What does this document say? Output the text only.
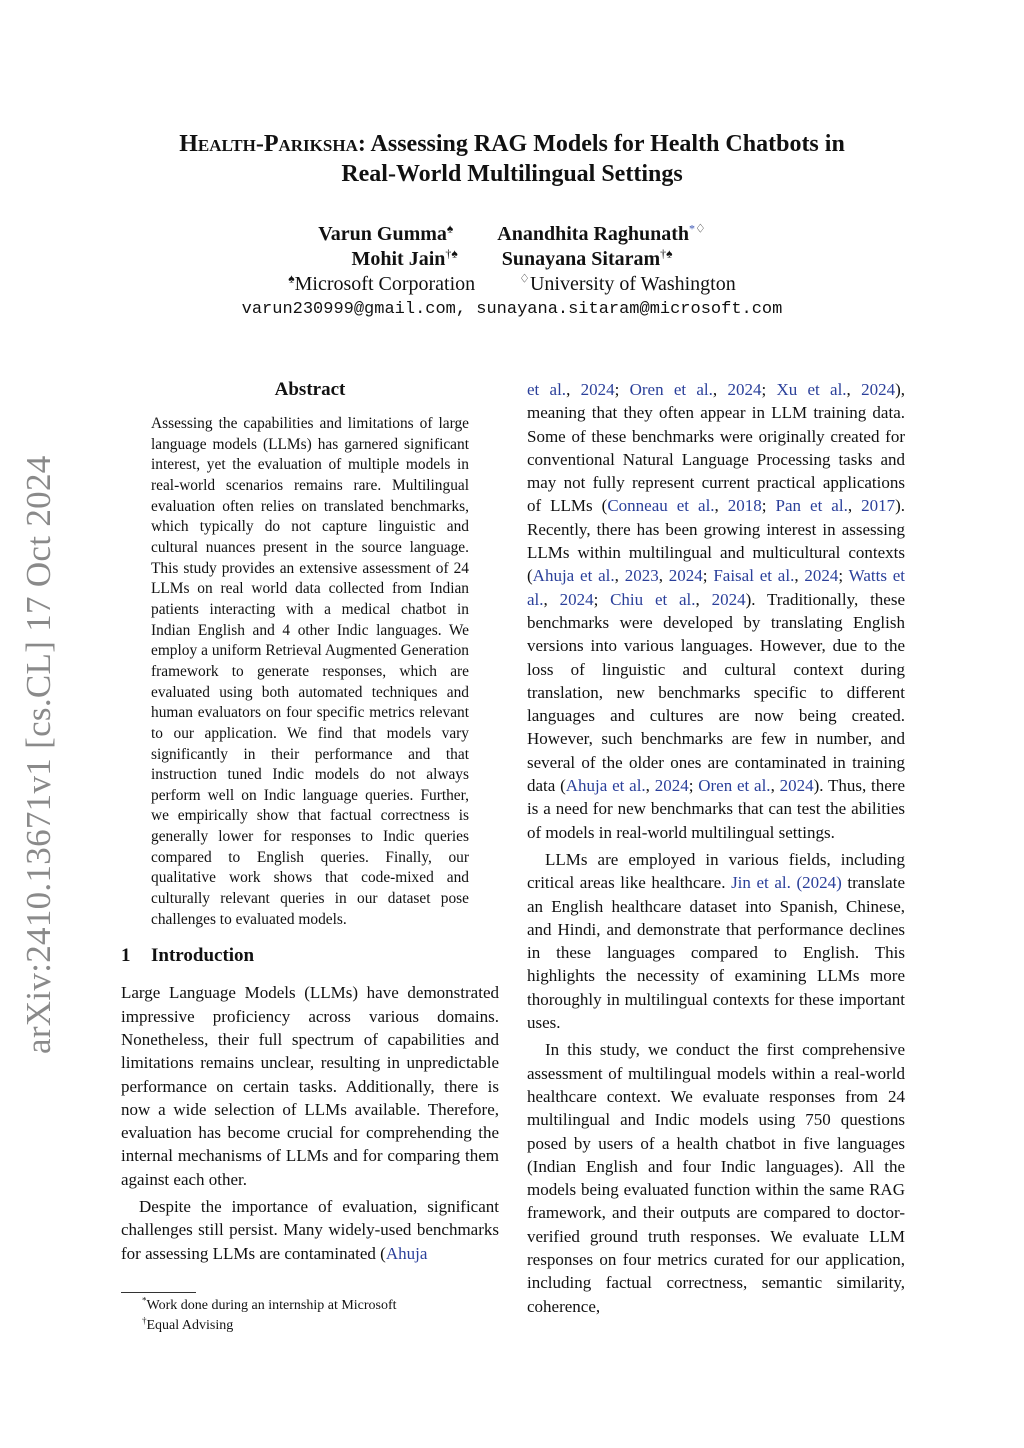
arXiv:2410.13671v1 [cs.CL] 17 Oct 2024
HEALTH-PARIKSHA: Assessing RAG Models for Health Chatbots in
Real-World Multilingual Settings
Varun Gumma♠ Anandhita Raghunath*♢
Mohit Jain†♠ Sunayana Sitaram†♠
♠Microsoft Corporation	♢University of Washington
varun230999@gmail.com, sunayana.sitaram@microsoft.com
Abstract

Assessing the capabilities and limitations of large language models (LLMs) has garnered significant interest, yet the evaluation of multiple models in real-world scenarios remains rare. Multilingual evaluation often relies on translated benchmarks, which typically do not capture linguistic and cultural nuances present in the source language. This study provides an extensive assessment of 24 LLMs on real world data collected from Indian patients interacting with a medical chatbot in Indian English and 4 other Indic languages. We employ a uniform Retrieval Augmented Generation framework to generate responses, which are evaluated using both automated techniques and human evaluators on four specific metrics relevant to our application. We find that models vary significantly in their performance and that instruction tuned Indic models do not always perform well on Indic language queries. Further, we empirically show that factual correctness is generally lower for responses to Indic queries compared to English queries. Finally, our qualitative work shows that code-mixed and culturally relevant queries in our dataset pose challenges to evaluated models.

1 Introduction

Large Language Models (LLMs) have demonstrated impressive proficiency across various domains. Nonetheless, their full spectrum of capabilities and limitations remains unclear, resulting in unpredictable performance on certain tasks. Additionally, there is now a wide selection of LLMs available. Therefore, evaluation has become crucial for comprehending the internal mechanisms of LLMs and for comparing them against each other.

Despite the importance of evaluation, significant challenges still persist. Many widely-used benchmarks for assessing LLMs are contaminated (Ahuja

*Work done during an internship at Microsoft
†Equal Advising

et al., 2024; Oren et al., 2024; Xu et al., 2024), meaning that they often appear in LLM training data. Some of these benchmarks were originally created for conventional Natural Language Processing tasks and may not fully represent current practical applications of LLMs (Conneau et al., 2018; Pan et al., 2017). Recently, there has been growing interest in assessing LLMs within multilingual and multicultural contexts (Ahuja et al., 2023, 2024; Faisal et al., 2024; Watts et al., 2024; Chiu et al., 2024). Traditionally, these benchmarks were developed by translating English versions into various languages. However, due to the loss of linguistic and cultural context during translation, new benchmarks specific to different languages and cultures are now being created. However, such benchmarks are few in number, and several of the older ones are contaminated in training data (Ahuja et al., 2024; Oren et al., 2024). Thus, there is a need for new benchmarks that can test the abilities of models in real-world multilingual settings.

LLMs are employed in various fields, including critical areas like healthcare. Jin et al. (2024) translate an English healthcare dataset into Spanish, Chinese, and Hindi, and demonstrate that performance declines in these languages compared to English. This highlights the necessity of examining LLMs more thoroughly in multilingual contexts for these important uses.

In this study, we conduct the first comprehensive assessment of multilingual models within a real-world healthcare context. We evaluate responses from 24 multilingual and Indic models using 750 questions posed by users of a health chatbot in five languages (Indian English and four Indic languages). All the models being evaluated function within the same RAG framework, and their outputs are compared to doctor-verified ground truth responses. We evaluate LLM responses on four metrics curated for our application, including factual correctness, semantic similarity, coherence,
